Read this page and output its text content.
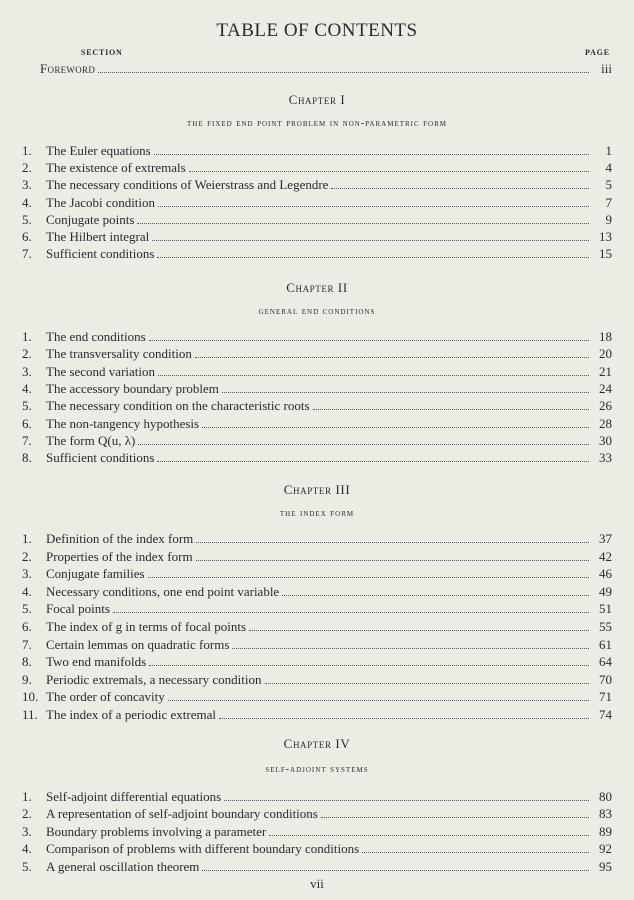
TABLE OF CONTENTS
SECTION	PAGE
Foreword	iii
Chapter I
the fixed end point problem in non-parametric form
1.	The Euler equations	1
2.	The existence of extremals	4
3.	The necessary conditions of Weierstrass and Legendre	5
4.	The Jacobi condition	7
5.	Conjugate points	9
6.	The Hilbert integral	13
7.	Sufficient conditions	15
Chapter II
general end conditions
1.	The end conditions	18
2.	The transversality condition	20
3.	The second variation	21
4.	The accessory boundary problem	24
5.	The necessary condition on the characteristic roots	26
6.	The non-tangency hypothesis	28
7.	The form Q(u, λ)	30
8.	Sufficient conditions	33
Chapter III
the index form
1.	Definition of the index form	37
2.	Properties of the index form	42
3.	Conjugate families	46
4.	Necessary conditions, one end point variable	49
5.	Focal points	51
6.	The index of g in terms of focal points	55
7.	Certain lemmas on quadratic forms	61
8.	Two end manifolds	64
9.	Periodic extremals, a necessary condition	70
10. The order of concavity	71
11. The index of a periodic extremal	74
Chapter IV
self-adjoint systems
1.	Self-adjoint differential equations	80
2.	A representation of self-adjoint boundary conditions	83
3.	Boundary problems involving a parameter	89
4.	Comparison of problems with different boundary conditions	92
5.	A general oscillation theorem	95
vii
